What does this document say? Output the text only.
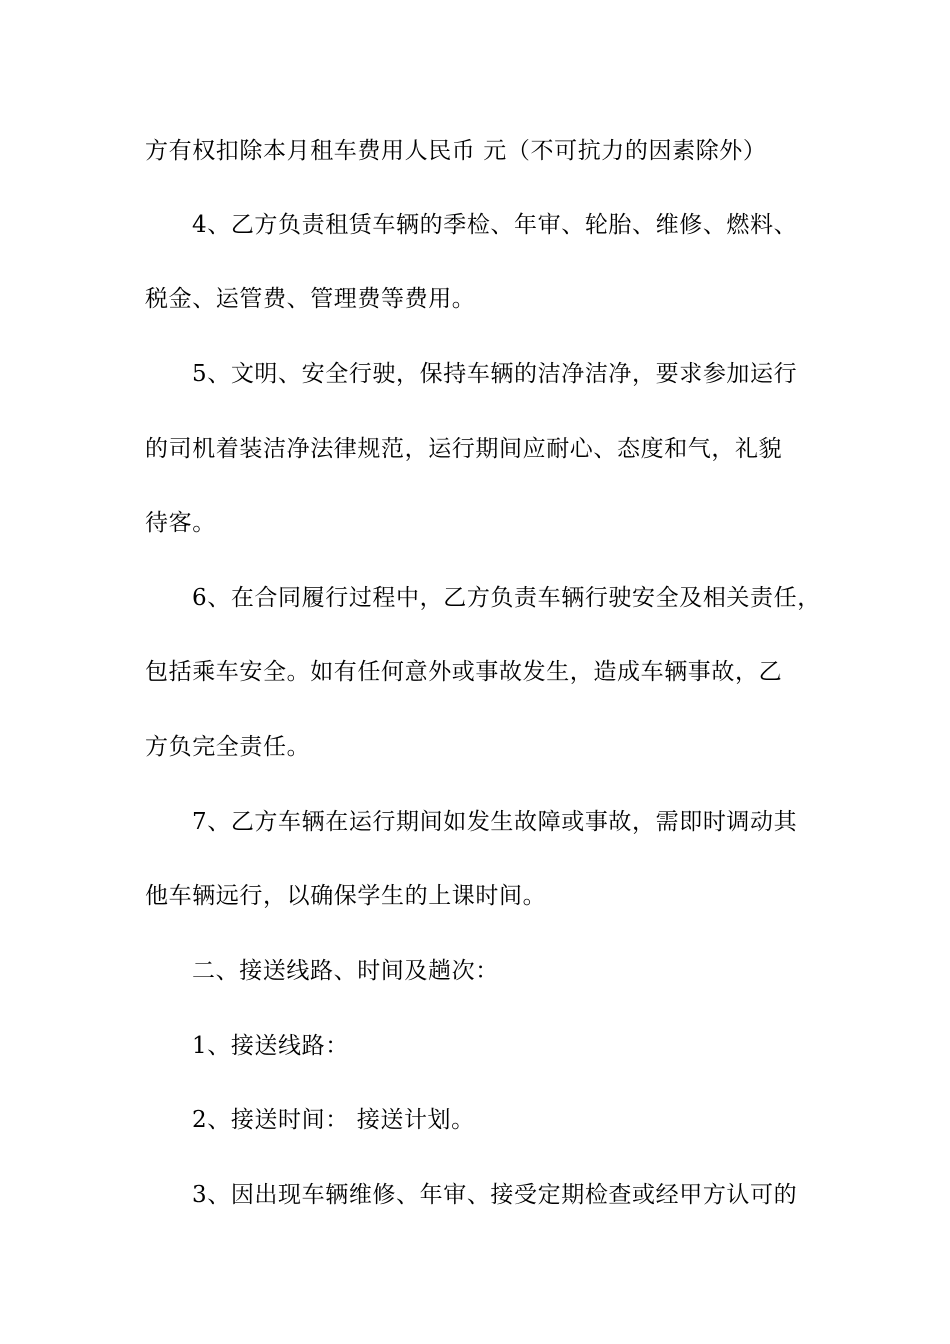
方有权扣除本月租车费用人民币 元（不可抗力的因素除外）
4、乙方负责租赁车辆的季检、年审、轮胎、维修、燃料、
税金、运管费、管理费等费用。
5、文明、安全行驶，保持车辆的洁净洁净，要求参加运行
的司机着装洁净法律规范，运行期间应耐心、态度和气，礼貌
待客。
6、在合同履行过程中，乙方负责车辆行驶安全及相关责任，
包括乘车安全。如有任何意外或事故发生，造成车辆事故，乙
方负完全责任。
7、乙方车辆在运行期间如发生故障或事故，需即时调动其
他车辆远行，以确保学生的上课时间。
二、接送线路、时间及趟次：
1、接送线路：
2、接送时间： 接送计划。
3、因出现车辆维修、年审、接受定期检查或经甲方认可的
